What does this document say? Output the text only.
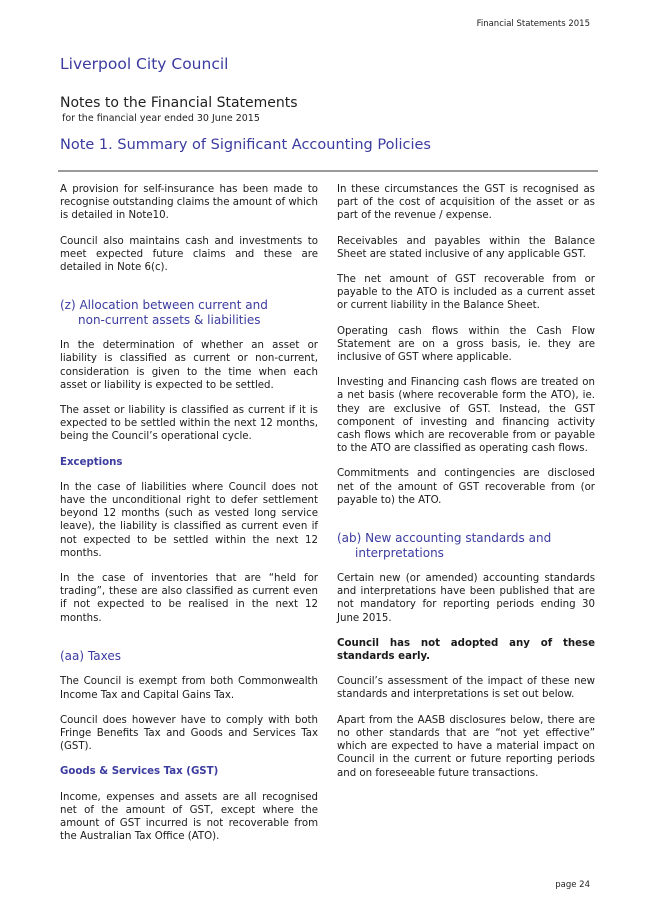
Financial Statements 2015
Liverpool City Council
Notes to the Financial Statements
for the financial year ended 30 June 2015
Note 1. Summary of Significant Accounting Policies

A provision for self-insurance has been made to recognise outstanding claims the amount of which is detailed in Note10.

Council also maintains cash and investments to meet expected future claims and these are detailed in Note 6(c).

(z) Allocation between current and
non-current assets & liabilities

In the determination of whether an asset or liability is classified as current or non-current, consideration is given to the time when each asset or liability is expected to be settled.

The asset or liability is classified as current if it is expected to be settled within the next 12 months, being the Council’s operational cycle.

Exceptions

In the case of liabilities where Council does not have the unconditional right to defer settlement beyond 12 months (such as vested long service leave), the liability is classified as current even if not expected to be settled within the next 12 months.

In the case of inventories that are “held for trading”, these are also classified as current even if not expected to be realised in the next 12 months.

(aa) Taxes

The Council is exempt from both Commonwealth Income Tax and Capital Gains Tax.

Council does however have to comply with both Fringe Benefits Tax and Goods and Services Tax (GST).

Goods & Services Tax (GST)

Income, expenses and assets are all recognised net of the amount of GST, except where the amount of GST incurred is not recoverable from the Australian Tax Office (ATO).

In these circumstances the GST is recognised as part of the cost of acquisition of the asset or as part of the revenue / expense.

Receivables and payables within the Balance Sheet are stated inclusive of any applicable GST.

The net amount of GST recoverable from or payable to the ATO is included as a current asset or current liability in the Balance Sheet.

Operating cash flows within the Cash Flow Statement are on a gross basis, ie. they are inclusive of GST where applicable.

Investing and Financing cash flows are treated on a net basis (where recoverable form the ATO), ie. they are exclusive of GST. Instead, the GST component of investing and financing activity cash flows which are recoverable from or payable to the ATO are classified as operating cash flows.

Commitments and contingencies are disclosed net of the amount of GST recoverable from (or payable to) the ATO.

(ab) New accounting standards and
interpretations

Certain new (or amended) accounting standards and interpretations have been published that are not mandatory for reporting periods ending 30 June 2015.

Council has not adopted any of these standards early.

Council’s assessment of the impact of these new standards and interpretations is set out below.

Apart from the AASB disclosures below, there are no other standards that are “not yet effective” which are expected to have a material impact on Council in the current or future reporting periods and on foreseeable future transactions.

page 24
